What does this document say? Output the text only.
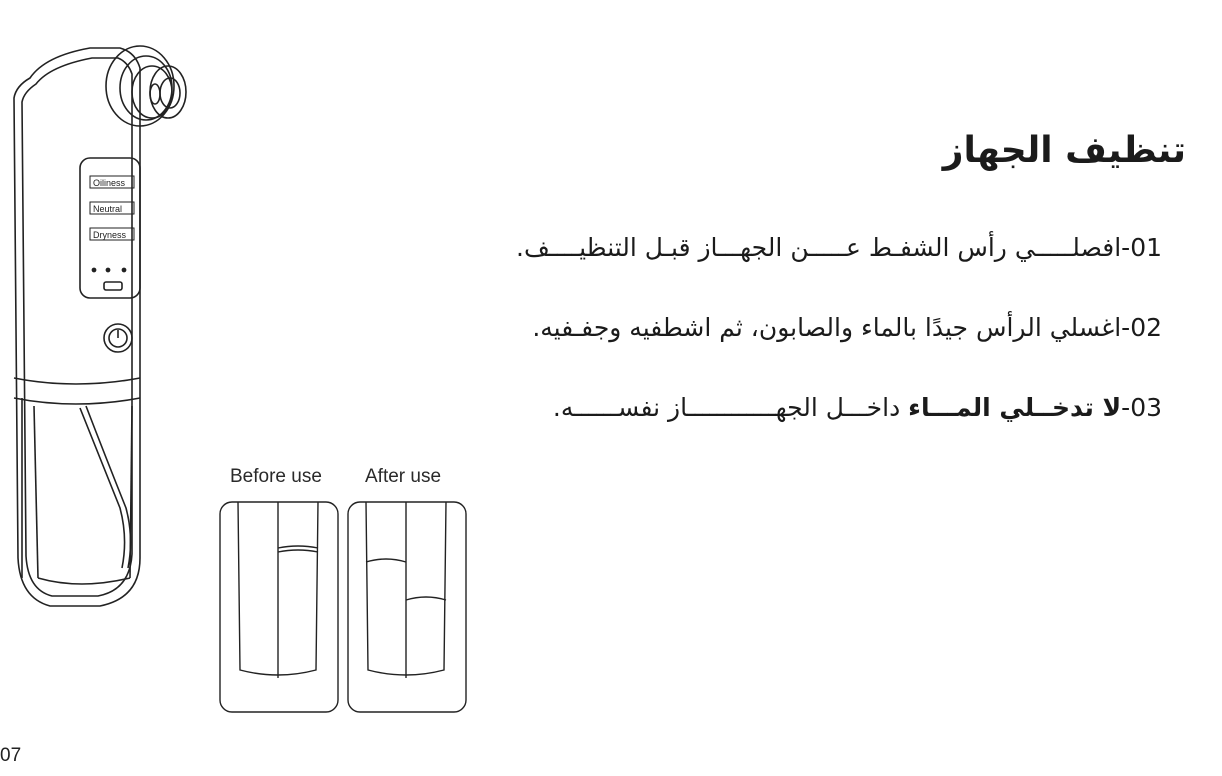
Oiliness
Neutral
Dryness
تنظيف الجهاز
01-افصلـــــي رأس الشفـط عـــــن الجهـــاز قبـل التنظيــــف.
02-اغسلي الرأس جيدًا بالماء والصابون، ثم اشطفيه وجفـفيه.
03-لا تدخــلي المـــاء داخـــل الجهــــــــــــاز نفســــــه.
Before use After use
07
